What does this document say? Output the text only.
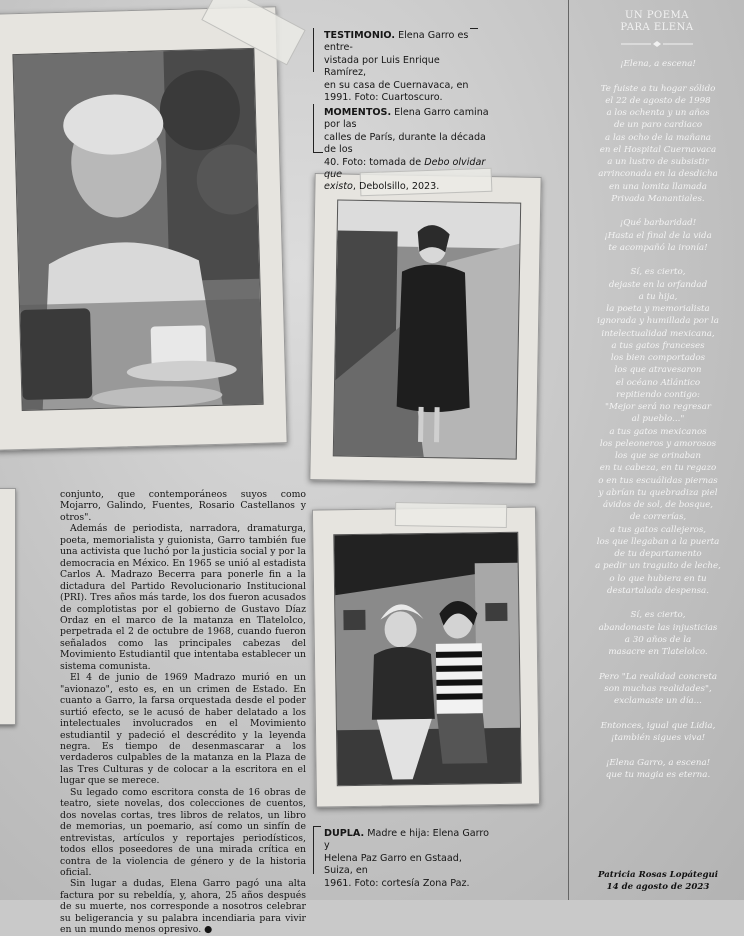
TESTIMONIO. Elena Garro es entre-
vistada por Luis Enrique Ramírez,
en su casa de Cuernavaca, en
1991. Foto: Cuartoscuro.
MOMENTOS. Elena Garro camina por las
calles de París, durante la década de los
40. Foto: tomada de Debo olvidar que
existo, Debolsillo, 2023.
DUPLA. Madre e hija: Elena Garro y
Helena Paz Garro en Gstaad, Suiza, en
1961. Foto: cortesía Zona Paz.

conjunto, que contemporáneos suyos como Mojarro, Galindo, Fuentes, Rosario Castellanos y otros".

Además de periodista, narradora, dramaturga, poeta, memorialista y guionista, Garro también fue una activista que luchó por la justicia social y por la democracia en México. En 1965 se unió al estadista Carlos A. Madrazo Becerra para ponerle fin a la dictadura del Partido Revolucionario Institucional (PRI). Tres años más tarde, los dos fueron acusados de complotistas por el gobierno de Gustavo Díaz Ordaz en el marco de la matanza en Tlatelolco, perpetrada el 2 de octubre de 1968, cuando fueron señalados como las principales cabezas del Movimiento Estudiantil que intentaba establecer un sistema comunista.

El 4 de junio de 1969 Madrazo murió en un "avionazo", esto es, en un crimen de Estado. En cuanto a Garro, la farsa orquestada desde el poder surtió efecto, se le acusó de haber delatado a los intelectuales involucrados en el Movimiento estudiantil y padeció el descrédito y la leyenda negra. Es tiempo de desenmascarar a los verdaderos culpables de la matanza en la Plaza de las Tres Culturas y de colocar a la escritora en el lugar que se merece.

Su legado como escritora consta de 16 obras de teatro, siete novelas, dos colecciones de cuentos, dos novelas cortas, tres libros de relatos, un libro de memorias, un poemario, así como un sinfín de entrevistas, artículos y reportajes periodísticos, todos ellos poseedores de una mirada crítica en contra de la violencia de género y de la historia oficial.

Sin lugar a dudas, Elena Garro pagó una alta factura por su rebeldía, y, ahora, 25 años después de su muerte, nos corresponde a nosotros celebrar su beligerancia y su palabra incendiaria para vivir en un mundo menos opresivo. ●

UN POEMA
PARA ELENA
¡Elena, a escena!
Te fuiste a tu hogar sólido
el 22 de agosto de 1998
a los ochenta y un años
de un paro cardiaco
a las ocho de la mañana
en el Hospital Cuernavaca
a un lustro de subsistir
arrinconada en la desdicha
en una lomita llamada
Privada Manantiales.
¡Qué barbaridad!
¡Hasta el final de la vida
te acompañó la ironía!
Sí, es cierto,
dejaste en la orfandad
a tu hija,
la poeta y memorialista
ignorada y humillada por la
intelectualidad mexicana,
a tus gatos franceses
los bien comportados
los que atravesaron
el océano Atlántico
repitiendo contigo:
"Mejor será no regresar
al pueblo..."
a tus gatos mexicanos
los peleoneros y amorosos
los que se orinaban
en tu cabeza, en tu regazo
o en tus escuálidas piernas
y abrían tu quebradiza piel
ávidos de sol, de bosque,
de correrías,
a tus gatos callejeros,
los que llegaban a la puerta
de tu departamento
a pedir un traguito de leche,
o lo que hubiera en tu
destartalada despensa.
Sí, es cierto,
abandonaste las injusticias
a 30 años de la
masacre en Tlatelolco.
Pero "La realidad concreta
son muchas realidades",
exclamaste un día...
Entonces, igual que Lidia,
¡también sigues viva!
¡Elena Garro, a escena!
que tu magia es eterna.
Patricia Rosas Lopátegui
14 de agosto de 2023
